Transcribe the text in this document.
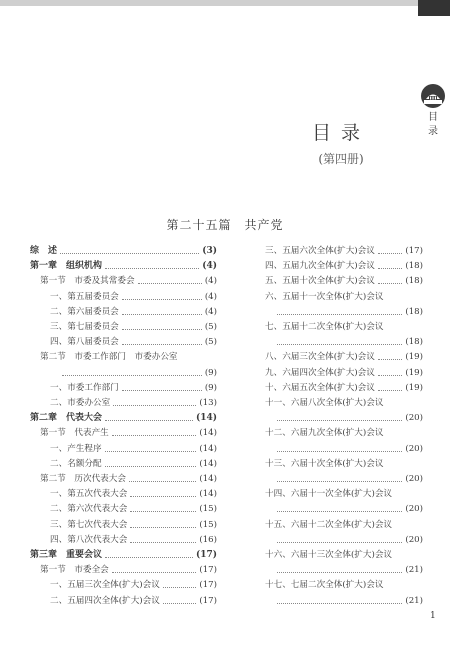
目
录
目录
(第四册)
第二十五篇　共产党
综　述	(3)
第一章　组织机构	(4)
第一节　市委及其常委会	(4)
一、第五届委员会	(4)
二、第六届委员会	(4)
三、第七届委员会	(5)
四、第八届委员会	(5)
第二节　市委工作部门　市委办公室
(9)
一、市委工作部门	(9)
二、市委办公室	(13)
第二章　代表大会	(14)
第一节　代表产生	(14)
一、产生程序	(14)
二、名额分配	(14)
第二节　历次代表大会	(14)
一、第五次代表大会	(14)
二、第六次代表大会	(15)
三、第七次代表大会	(15)
四、第八次代表大会	(16)
第三章　重要会议	(17)
第一节　市委全会	(17)
一、五届三次全体(扩大)会议	(17)
二、五届四次全体(扩大)会议	(17)
三、五届六次全体(扩大)会议	(17)
四、五届九次全体(扩大)会议	(18)
五、五届十次全体(扩大)会议	(18)
六、五届十一次全体(扩大)会议
(18)
七、五届十二次全体(扩大)会议
(18)
八、六届三次全体(扩大)会议	(19)
九、六届四次全体(扩大)会议	(19)
十、六届五次全体(扩大)会议	(19)
十一、六届八次全体(扩大)会议
(20)
十二、六届九次全体(扩大)会议
(20)
十三、六届十次全体(扩大)会议
(20)
十四、六届十一次全体(扩大)会议
(20)
十五、六届十二次全体(扩大)会议
(20)
十六、六届十三次全体(扩大)会议
(21)
十七、七届二次全体(扩大)会议
(21)
1
